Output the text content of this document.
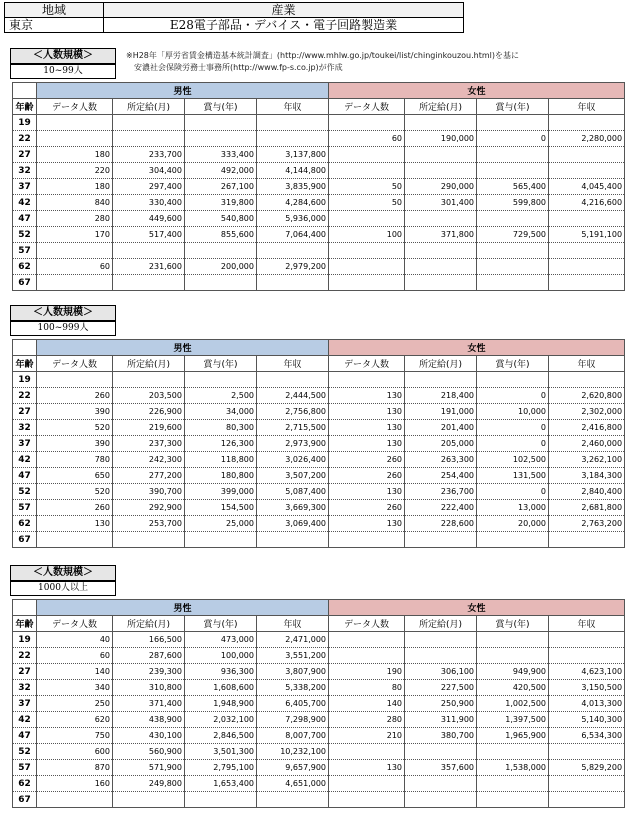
地域	産業
東京	E28電子部品・デバイス・電子回路製造業
※H28年「厚労省賃金構造基本統計調査」(http://www.mhlw.go.jp/toukei/list/chinginkouzou.html)を基に
安濃社会保険労務士事務所(http://www.fp-s.co.jp)が作成
＜人数規模＞
10~99人
	男性				女性			
年齢	データ人数	所定給(月)	賞与(年)	年収	データ人数	所定給(月)	賞与(年)	年収
19								
22					60	190,000	0	2,280,000
27	180	233,700	333,400	3,137,800				
32	220	304,400	492,000	4,144,800				
37	180	297,400	267,100	3,835,900	50	290,000	565,400	4,045,400
42	840	330,400	319,800	4,284,600	50	301,400	599,800	4,216,600
47	280	449,600	540,800	5,936,000				
52	170	517,400	855,600	7,064,400	100	371,800	729,500	5,191,100
57								
62	60	231,600	200,000	2,979,200				
67								
＜人数規模＞
100~999人
	男性				女性			
年齢	データ人数	所定給(月)	賞与(年)	年収	データ人数	所定給(月)	賞与(年)	年収
19								
22	260	203,500	2,500	2,444,500	130	218,400	0	2,620,800
27	390	226,900	34,000	2,756,800	130	191,000	10,000	2,302,000
32	520	219,600	80,300	2,715,500	130	201,400	0	2,416,800
37	390	237,300	126,300	2,973,900	130	205,000	0	2,460,000
42	780	242,300	118,800	3,026,400	260	263,300	102,500	3,262,100
47	650	277,200	180,800	3,507,200	260	254,400	131,500	3,184,300
52	520	390,700	399,000	5,087,400	130	236,700	0	2,840,400
57	260	292,900	154,500	3,669,300	260	222,400	13,000	2,681,800
62	130	253,700	25,000	3,069,400	130	228,600	20,000	2,763,200
67								
＜人数規模＞
1000人以上
	男性				女性			
年齢	データ人数	所定給(月)	賞与(年)	年収	データ人数	所定給(月)	賞与(年)	年収
19	40	166,500	473,000	2,471,000				
22	60	287,600	100,000	3,551,200				
27	140	239,300	936,300	3,807,900	190	306,100	949,900	4,623,100
32	340	310,800	1,608,600	5,338,200	80	227,500	420,500	3,150,500
37	250	371,400	1,948,900	6,405,700	140	250,900	1,002,500	4,013,300
42	620	438,900	2,032,100	7,298,900	280	311,900	1,397,500	5,140,300
47	750	430,100	2,846,500	8,007,700	210	380,700	1,965,900	6,534,300
52	600	560,900	3,501,300	10,232,100				
57	870	571,900	2,795,100	9,657,900	130	357,600	1,538,000	5,829,200
62	160	249,800	1,653,400	4,651,000				
67								
